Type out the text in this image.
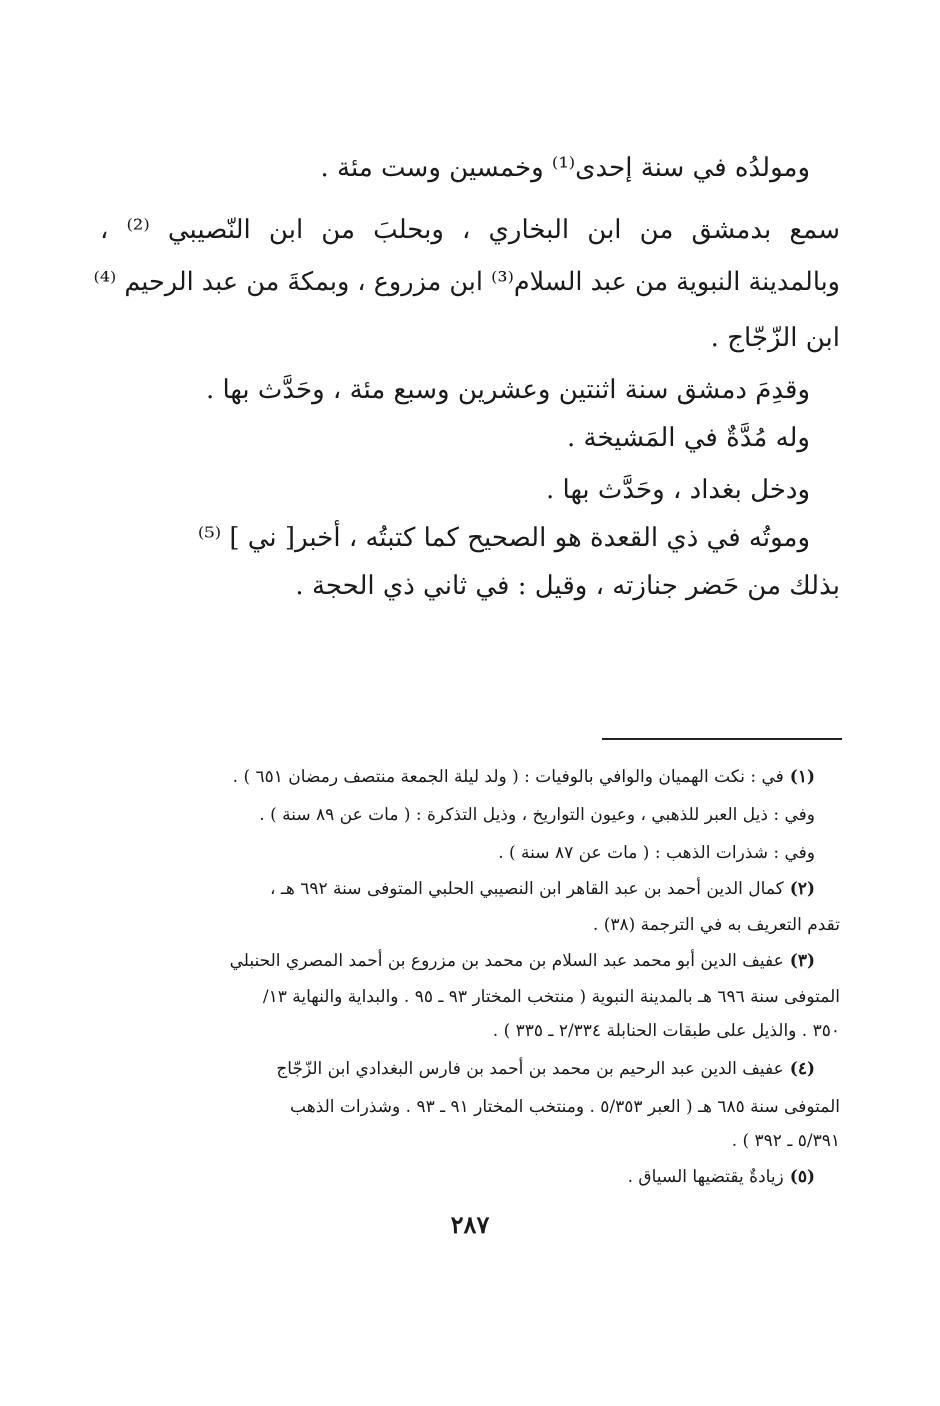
ومولدُه في سنة إحدى⁽¹⁾ وخمسين وست مئة .
سمع بدمشق من ابن البخاري ، وبحلبَ من ابن النّصيبي ⁽²⁾ ،
وبالمدينة النبوية من عبد السلام⁽³⁾ ابن مزروع ، وبمكةَ من عبد الرحيم ⁽⁴⁾
ابن الزّجّاج .
وقدِمَ دمشق سنة اثنتين وعشرين وسبع مئة ، وحَدَّث بها .
وله مُدَّةٌ في المَشيخة .
ودخل بغداد ، وحَدَّث بها .
وموتُه في ذي القعدة هو الصحيح كما كتبتُه ، أخبر[ ني ] ⁽⁵⁾
بذلك من حَضر جنازته ، وقيل : في ثاني ذي الحجة .
(١)في : نكت الهميان والوافي بالوفيات : ( ولد ليلة الجمعة منتصف رمضان ٦٥١ ) .
وفي : ذيل العبر للذهبي ، وعيون التواريخ ، وذيل التذكرة : ( مات عن ٨٩ سنة ) .
وفي : شذرات الذهب : ( مات عن ٨٧ سنة ) .
(٢)كمال الدين أحمد بن عبد القاهر ابن النصيبي الحلبي المتوفى سنة ٦٩٢ هـ ،
تقدم التعريف به في الترجمة (٣٨) .
(٣)عفيف الدين أبو محمد عبد السلام بن محمد بن مزروع بن أحمد المصري الحنبلي
المتوفى سنة ٦٩٦ هـ بالمدينة النبوية ( منتخب المختار ٩٣ ـ ٩٥ . والبداية والنهاية ١٣/
٣٥٠ . والذيل على طبقات الحنابلة ٢/٣٣٤ ـ ٣٣٥ ) .
(٤)عفيف الدين عبد الرحيم بن محمد بن أحمد بن فارس البغدادي ابن الزّجّاج
المتوفى سنة ٦٨٥ هـ ( العبر ٥/٣٥٣ . ومنتخب المختار ٩١ ـ ٩٣ . وشذرات الذهب
٥/٣٩١ ـ ٣٩٢ ) .
(٥)زيادةٌ يقتضيها السياق .
٢٨٧
